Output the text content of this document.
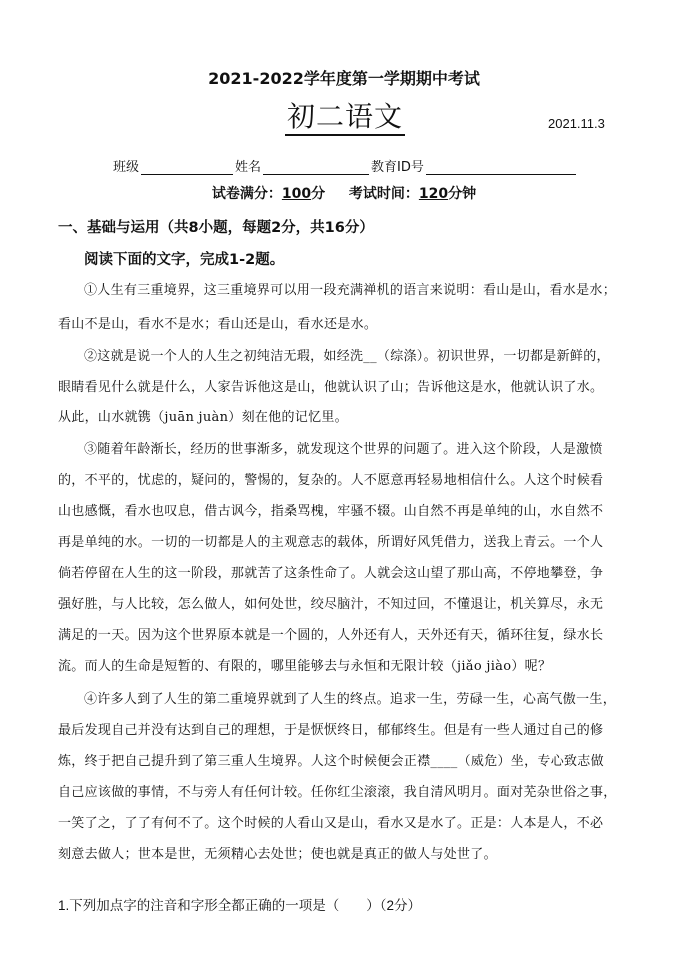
2021-2022学年度第一学期期中考试
初二语文	2021.11.3
班级	姓名	教育ID号
试卷满分：100分 考试时间：120分钟
一、基础与运用（共8小题，每题2分，共16分）
阅读下面的文字，完成1-2题。
①人生有三重境界，这三重境界可以用一段充满禅机的语言来说明：看山是山，看水是水；
看山不是山，看水不是水；看山还是山，看水还是水。
②这就是说一个人的人生之初纯洁无瑕，如经洗__（综涤）。初识世界，一切都是新鲜的，
眼睛看见什么就是什么，人家告诉他这是山，他就认识了山；告诉他这是水，他就认识了水。
从此，山水就镌（juān juàn）刻在他的记忆里。
③随着年龄渐长，经历的世事渐多，就发现这个世界的问题了。进入这个阶段，人是激愤
的，不平的，忧虑的，疑问的，警惕的，复杂的。人不愿意再轻易地相信什么。人这个时候看
山也感慨，看水也叹息，借古讽今，指桑骂槐，牢骚不辍。山自然不再是单纯的山，水自然不
再是单纯的水。一切的一切都是人的主观意志的载体，所谓好风凭借力，送我上青云。一个人
倘若停留在人生的这一阶段，那就苦了这条性命了。人就会这山望了那山高，不停地攀登，争
强好胜，与人比较，怎么做人，如何处世，绞尽脑汁，不知过回，不懂退让，机关算尽，永无
满足的一天。因为这个世界原本就是一个圆的，人外还有人，天外还有天，循环往复，绿水长
流。而人的生命是短暂的、有限的，哪里能够去与永恒和无限计较（jiǎo jiào）呢？
④许多人到了人生的第二重境界就到了人生的终点。追求一生，劳碌一生，心高气傲一生，
最后发现自己并没有达到自己的理想，于是恹恹终日，郁郁终生。但是有一些人通过自己的修
炼，终于把自己提升到了第三重人生境界。人这个时候便会正襟____（威危）坐，专心致志做
自己应该做的事情，不与旁人有任何计较。任你红尘滚滚，我自清风明月。面对芜杂世俗之事，
一笑了之，了了有何不了。这个时候的人看山又是山，看水又是水了。正是：人本是人，不必
刻意去做人；世本是世，无须精心去处世；使也就是真正的做人与处世了。
1.下列加点字的注音和字形全都正确的一项是（　　）（2分）
